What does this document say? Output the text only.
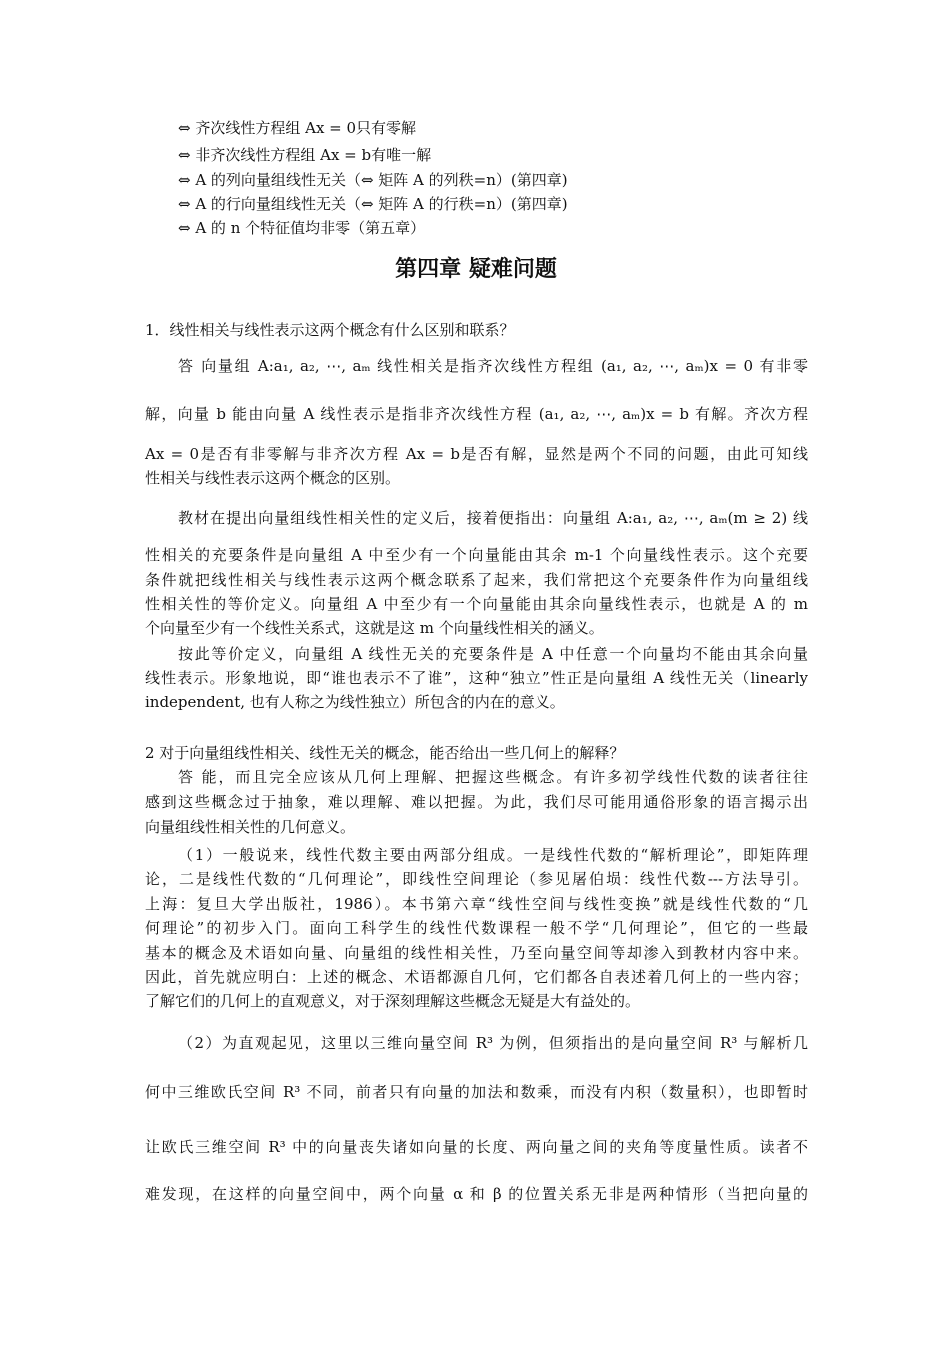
⇔ 齐次线性方程组 Ax = 0只有零解
⇔ 非齐次线性方程组 Ax = b有唯一解
⇔ A 的列向量组线性无关（⇔ 矩阵 A 的列秩=n）(第四章)
⇔ A 的行向量组线性无关（⇔ 矩阵 A 的行秩=n）(第四章)
⇔ A 的 n 个特征值均非零（第五章）
第四章 疑难问题
1．线性相关与线性表示这两个概念有什么区别和联系？
答 向量组 A:a₁, a₂, ⋯, aₘ 线性相关是指齐次线性方程组 (a₁, a₂, ⋯, aₘ)x = 0 有非零
解，向量 b 能由向量 A 线性表示是指非齐次线性方程 (a₁, a₂, ⋯, aₘ)x = b 有解。齐次方程
Ax = 0是否有非零解与非齐次方程 Ax = b是否有解，显然是两个不同的问题，由此可知线
性相关与线性表示这两个概念的区别。
教材在提出向量组线性相关性的定义后，接着便指出：向量组 A:a₁, a₂, ⋯, aₘ(m ≥ 2) 线
性相关的充要条件是向量组 A 中至少有一个向量能由其余 m-1 个向量线性表示。这个充要
条件就把线性相关与线性表示这两个概念联系了起来，我们常把这个充要条件作为向量组线
性相关性的等价定义。向量组 A 中至少有一个向量能由其余向量线性表示，也就是 A 的 m
个向量至少有一个线性关系式，这就是这 m 个向量线性相关的涵义。
按此等价定义，向量组 A 线性无关的充要条件是 A 中任意一个向量均不能由其余向量
线性表示。形象地说，即“谁也表示不了谁”，这种“独立”性正是向量组 A 线性无关（linearly
independent, 也有人称之为线性独立）所包含的内在的意义。
2 对于向量组线性相关、线性无关的概念，能否给出一些几何上的解释？
答 能，而且完全应该从几何上理解、把握这些概念。有许多初学线性代数的读者往往
感到这些概念过于抽象，难以理解、难以把握。为此，我们尽可能用通俗形象的语言揭示出
向量组线性相关性的几何意义。
（1）一般说来，线性代数主要由两部分组成。一是线性代数的“解析理论”，即矩阵理
论，二是线性代数的“几何理论”，即线性空间理论（参见屠伯埙：线性代数---方法导引。
上海：复旦大学出版社，1986）。本书第六章“线性空间与线性变换”就是线性代数的“几
何理论”的初步入门。面向工科学生的线性代数课程一般不学“几何理论”，但它的一些最
基本的概念及术语如向量、向量组的线性相关性，乃至向量空间等却渗入到教材内容中来。
因此，首先就应明白：上述的概念、术语都源自几何，它们都各自表述着几何上的一些内容；
了解它们的几何上的直观意义，对于深刻理解这些概念无疑是大有益处的。
（2）为直观起见，这里以三维向量空间 R³ 为例，但须指出的是向量空间 R³ 与解析几
何中三维欧氏空间 R³ 不同，前者只有向量的加法和数乘，而没有内积（数量积），也即暂时
让欧氏三维空间 R³ 中的向量丧失诸如向量的长度、两向量之间的夹角等度量性质。读者不
难发现，在这样的向量空间中，两个向量 α 和 β 的位置关系无非是两种情形（当把向量的
